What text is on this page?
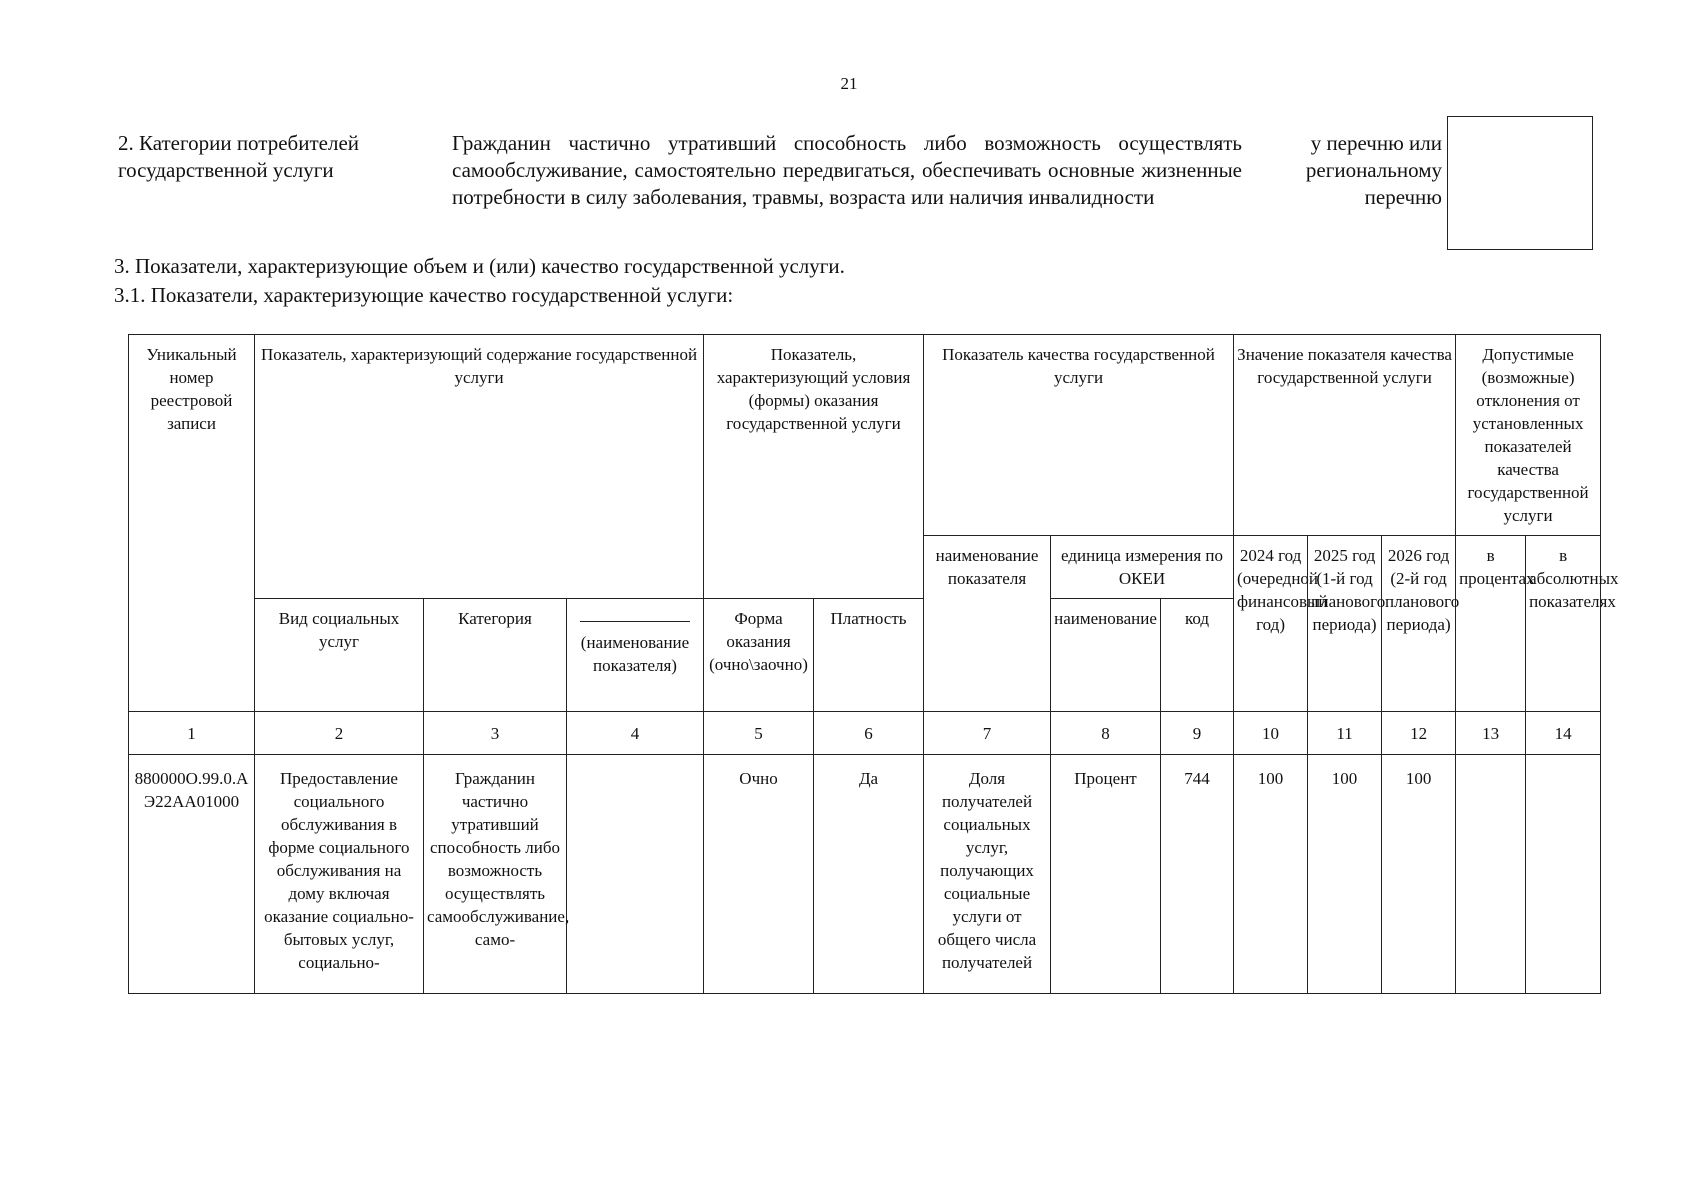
21
2. Категории потребителей государственной услуги
Гражданин частично утративший способность либо возможность осуществлять самообслуживание, самостоятельно передвигаться, обеспечивать основные жизненные потребности в силу заболевания, травмы, возраста или наличия инвалидности
у перечню или региональному перечню
3. Показатели, характеризующие объем и (или) качество государственной услуги.
3.1. Показатели, характеризующие качество государственной услуги:
Уникальный номер реестровой записи	Показатель, характеризующий содержание государственной услуги			Показатель, характеризующий условия (формы) оказания государственной услуги		Показатель качества государственной услуги			Значение показателя качества государственной услуги			Допустимые (возможные) отклонения от установленных показателей качества государственной услуги	
						наименование показателя	единица измерения по ОКЕИ		2024 год (очередной финансовый год)	2025 год (1-й год планового периода)	2026 год (2-й год планового периода)	в процентах	в абсолютных показателях
							наименование	код					
	Вид социальных услуг	Категория	(наименование показателя)	Форма оказания (очно\заочно)	Платность								
1	2	3	4	5	6	7	8	9	10	11	12	13	14
880000О.99.0.АЭ22АА01000	Предоставление социального обслуживания в форме социального обслуживания на дому включая оказание социально-бытовых услуг, социально-	Гражданин частично утративший способность либо возможность осуществлять самообслуживание, само-		Очно	Да	Доля получателей социальных услуг, получающих социальные услуги от общего числа получателей	Процент	744	100	100	100		
